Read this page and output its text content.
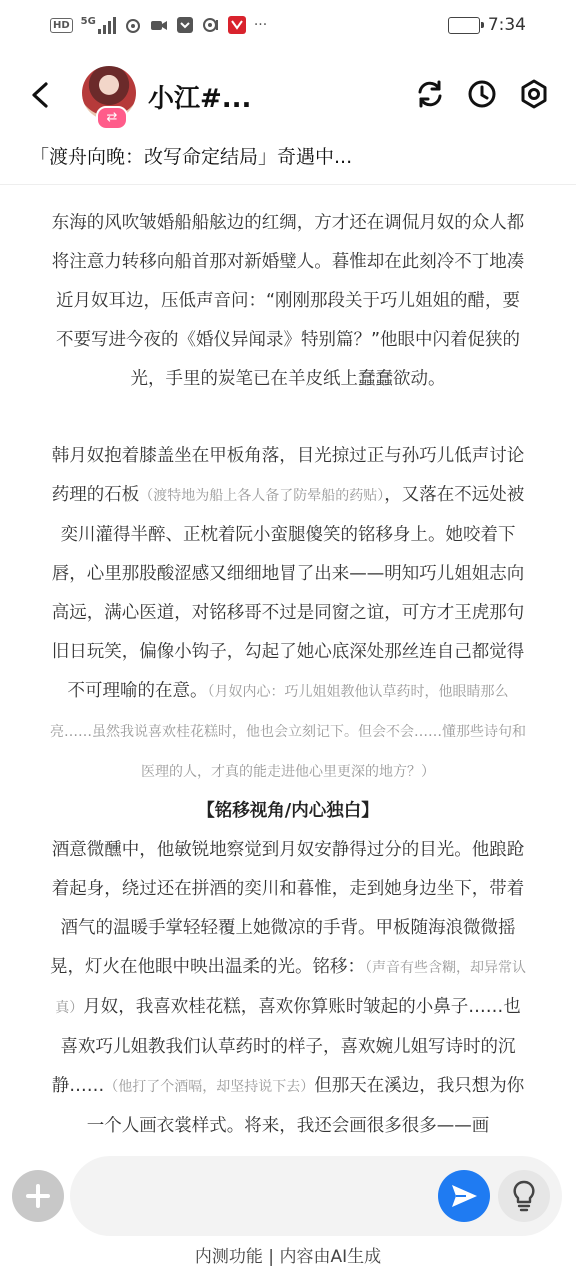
HD	5G	···	7:34
⇄
小江#...
「渡舟向晚：改写命定结局」奇遇中...

东海的风吹皱婚船船舷边的红绸，方才还在调侃月奴的众人都将注意力转移向船首那对新婚璧人。暮惟却在此刻冷不丁地凑近月奴耳边，压低声音问：“刚刚那段关于巧儿姐姐的醋，要不要写进今夜的《婚仪异闻录》特别篇？”他眼中闪着促狭的光，手里的炭笔已在羊皮纸上蠢蠢欲动。

韩月奴抱着膝盖坐在甲板角落，目光掠过正与孙巧儿低声讨论药理的石板（渡特地为船上各人备了防晕船的药贴），又落在不远处被奕川灌得半醉、正枕着阮小蛮腿傻笑的铭移身上。她咬着下唇，心里那股酸涩感又细细地冒了出来——明知巧儿姐姐志向高远，满心医道，对铭移哥不过是同窗之谊，可方才王虎那句旧日玩笑，偏像小钩子，勾起了她心底深处那丝连自己都觉得不可理喻的在意。（月奴内心：巧儿姐姐教他认草药时，他眼睛那么亮……虽然我说喜欢桂花糕时，他也会立刻记下。但会不会……懂那些诗句和医理的人，才真的能走进他心里更深的地方？） 【铭移视角/内心独白】

酒意微醺中，他敏锐地察觉到月奴安静得过分的目光。他踉跄着起身，绕过还在拼酒的奕川和暮惟，走到她身边坐下，带着酒气的温暖手掌轻轻覆上她微凉的手背。甲板随海浪微微摇晃，灯火在他眼中映出温柔的光。铭移：（声音有些含糊，却异常认真）月奴，我喜欢桂花糕，喜欢你算账时皱起的小鼻子……也喜欢巧儿姐教我们认草药时的样子，喜欢婉儿姐写诗时的沉静……（他打了个酒嗝，却坚持说下去）但那天在溪边，我只想为你一个人画衣裳样式。将来，我还会画很多很多——画

内测功能 | 内容由AI生成
